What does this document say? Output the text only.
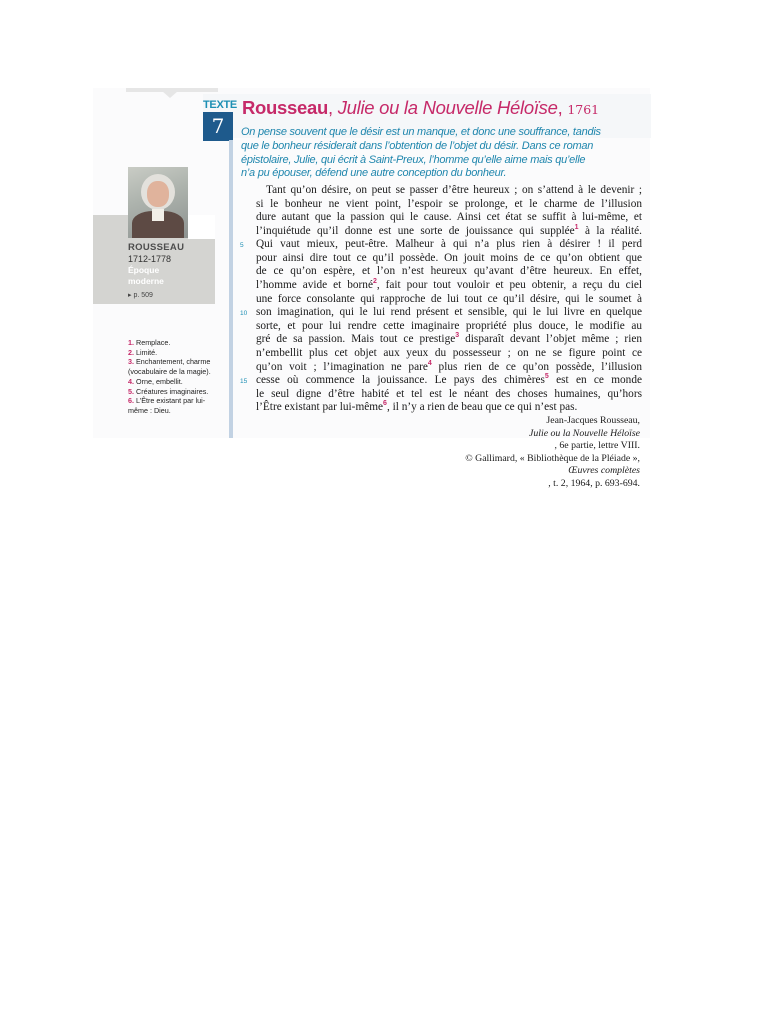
ROUSSEAU
1712-1778
Époque moderne
▸ p. 509
1. Remplace.
2. Limité.
3. Enchantement, charme (vocabulaire de la magie).
4. Orne, embellit.
5. Créatures imaginaires.
6. L’Être existant par lui-même : Dieu.
TEXTE
7
Rousseau, Julie ou la Nouvelle Héloïse, 1761
On pense souvent que le désir est un manque, et donc une souffrance, tandis
que le bonheur résiderait dans l’obtention de l’objet du désir. Dans ce roman
épistolaire, Julie, qui écrit à Saint-Preux, l’homme qu’elle aime mais qu’elle
n’a pu épouser, défend une autre conception du bonheur.
Tant qu’on désire, on peut se passer d’être heureux ; on s’attend à le devenir ;
si le bonheur ne vient point, l’espoir se prolonge, et le charme de l’illusion
dure autant que la passion qui le cause. Ainsi cet état se suffit à lui-même, et
l’inquiétude qu’il donne est une sorte de jouissance qui supplée$^1$ à la réalité.
5 Qui vaut mieux, peut-être. Malheur à qui n’a plus rien à désirer ! il perd
pour ainsi dire tout ce qu’il possède. On jouit moins de ce qu’on obtient que
de ce qu’on espère, et l’on n’est heureux qu’avant d’être heureux. En effet,
l’homme avide et borné$^2$, fait pour tout vouloir et peu obtenir, a reçu du ciel
une force consolante qui rapproche de lui tout ce qu’il désire, qui le soumet à
10 son imagination, qui le lui rend présent et sensible, qui le lui livre en quelque
sorte, et pour lui rendre cette imaginaire propriété plus douce, le modifie au
gré de sa passion. Mais tout ce prestige$^3$ disparaît devant l’objet même ; rien
n’embellit plus cet objet aux yeux du possesseur ; on ne se figure point ce
qu’on voit ; l’imagination ne pare$^4$ plus rien de ce qu’on possède, l’illusion
15 cesse où commence la jouissance. Le pays des chimères$^5$ est en ce monde
le seul digne d’être habité et tel est le néant des choses humaines, qu’hors
l’Être existant par lui-même$^6$, il n’y a rien de beau que ce qui n’est pas.
Jean-Jacques Rousseau,
Julie ou la Nouvelle Héloïse
, 6e partie, lettre VIII.
© Gallimard, « Bibliothèque de la Pléiade »,
Œuvres complètes
, t. 2, 1964, p. 693-694.
